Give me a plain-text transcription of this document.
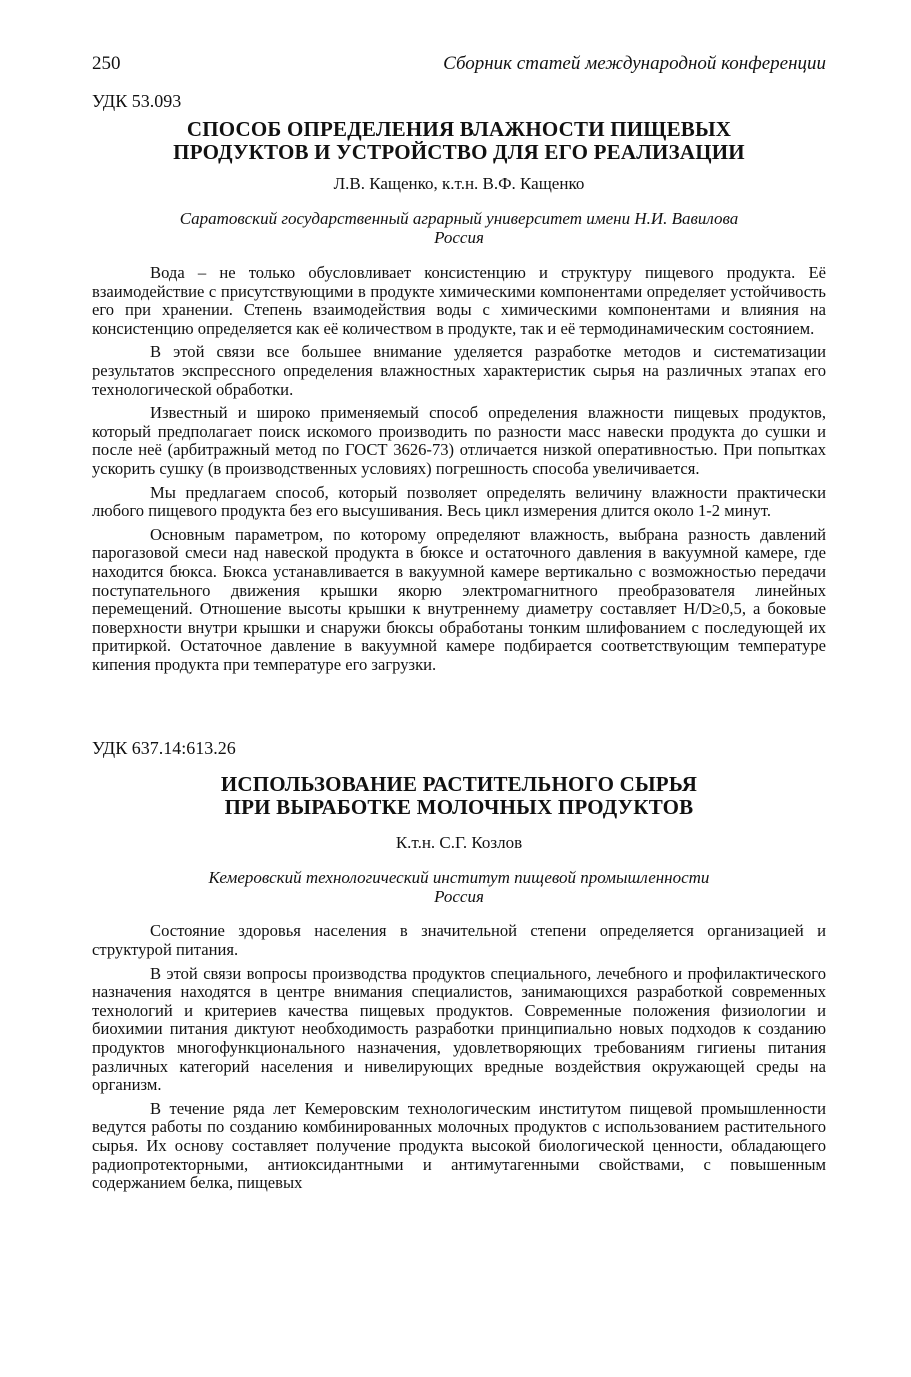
250	Сборник статей международной конференции
УДК 53.093
СПОСОБ ОПРЕДЕЛЕНИЯ ВЛАЖНОСТИ ПИЩЕВЫХ
ПРОДУКТОВ И УСТРОЙСТВО ДЛЯ ЕГО РЕАЛИЗАЦИИ
Л.В. Кащенко, к.т.н. В.Ф. Кащенко
Саратовский государственный аграрный университет имени Н.И. Вавилова
Россия

Вода – не только обусловливает консистенцию и структуру пищевого продукта. Её взаимодействие с присутствующими в продукте химическими компонентами определяет устойчивость его при хранении. Степень взаимодействия воды с химическими компонентами и влияния на консистенцию определяется как её количеством в продукте, так и её термодинамическим состоянием.

В этой связи все большее внимание уделяется разработке методов и систематизации результатов экспрессного определения влажностных характеристик сырья на различных этапах его технологической обработки.

Известный и широко применяемый способ определения влажности пищевых продуктов, который предполагает поиск искомого производить по разности масс навески продукта до сушки и после неё (арбитражный метод по ГОСТ 3626-73) отличается низкой оперативностью. При попытках ускорить сушку (в производственных условиях) погрешность способа увеличивается.

Мы предлагаем способ, который позволяет определять величину влажности практически любого пищевого продукта без его высушивания. Весь цикл измерения длится около 1-2 минут.

Основным параметром, по которому определяют влажность, выбрана разность давлений парогазовой смеси над навеской продукта в бюксе и остаточного давления в вакуумной камере, где находится бюкса. Бюкса устанавливается в вакуумной камере вертикально с возможностью передачи поступательного движения крышки якорю электромагнитного преобразователя линейных перемещений. Отношение высоты крышки к внутреннему диаметру составляет H/D≥0,5, а боковые поверхности внутри крышки и снаружи бюксы обработаны тонким шлифованием с последующей их притиркой. Остаточное давление в вакуумной камере подбирается соответствующим температуре кипения продукта при температуре его загрузки.

УДК 637.14:613.26
ИСПОЛЬЗОВАНИЕ РАСТИТЕЛЬНОГО СЫРЬЯ
ПРИ ВЫРАБОТКЕ МОЛОЧНЫХ ПРОДУКТОВ
К.т.н. С.Г. Козлов
Кемеровский технологический институт пищевой промышленности
Россия

Состояние здоровья населения в значительной степени определяется организацией и структурой питания.

В этой связи вопросы производства продуктов специального, лечебного и профилактического назначения находятся в центре внимания специалистов, занимающихся разработкой современных технологий и критериев качества пищевых продуктов. Современные положения физиологии и биохимии питания диктуют необходимость разработки принципиально новых подходов к созданию продуктов многофункционального назначения, удовлетворяющих требованиям гигиены питания различных категорий населения и нивелирующих вредные воздействия окружающей среды на организм.

В течение ряда лет Кемеровским технологическим институтом пищевой промышленности ведутся работы по созданию комбинированных молочных продуктов с использованием растительного сырья. Их основу составляет получение продукта высокой биологической ценности, обладающего радиопротекторными, антиоксидантными и антимутагенными свойствами, с повышенным содержанием белка, пищевых
